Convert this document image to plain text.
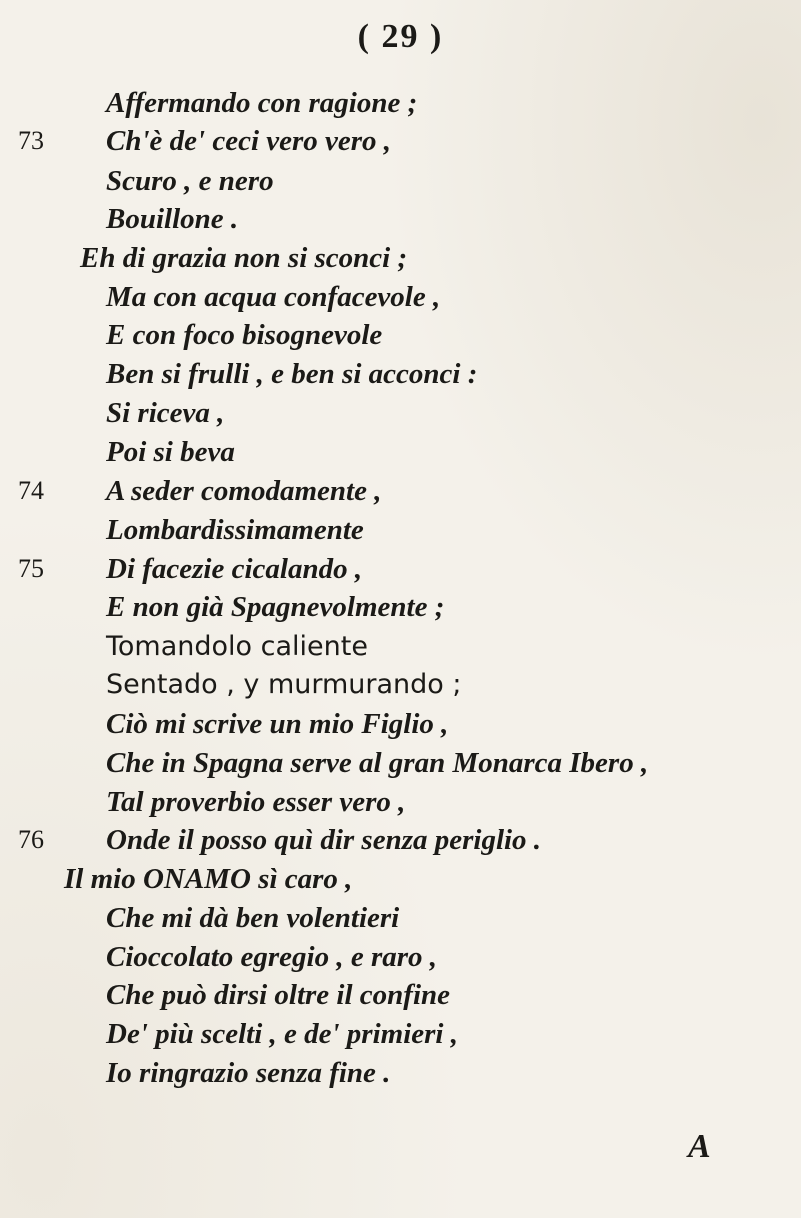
( 29 )
73
74
75
76
Affermando con ragione ;
Ch'è de' ceci vero vero ,
Scuro , e nero
Bouillone .
Eh di grazia non si sconci ;
Ma con acqua confacevole ,
E con foco bisognevole
Ben si frulli , e ben si acconci :
Si riceva ,
Poi si beva
A seder comodamente ,
Lombardissimamente
Di facezie cicalando ,
E non già Spagnevolmente ;
Tomandolo caliente
Sentado , y murmurando ;
Ciò mi scrive un mio Figlio ,
Che in Spagna serve al gran Monarca Ibero ,
Tal proverbio esser vero ,
Onde il posso quì dir senza periglio .
Il mio ONAMO sì caro ,
Che mi dà ben volentieri
Cioccolato egregio , e raro ,
Che può dirsi oltre il confine
De' più scelti , e de' primieri ,
Io ringrazio senza fine .
A
